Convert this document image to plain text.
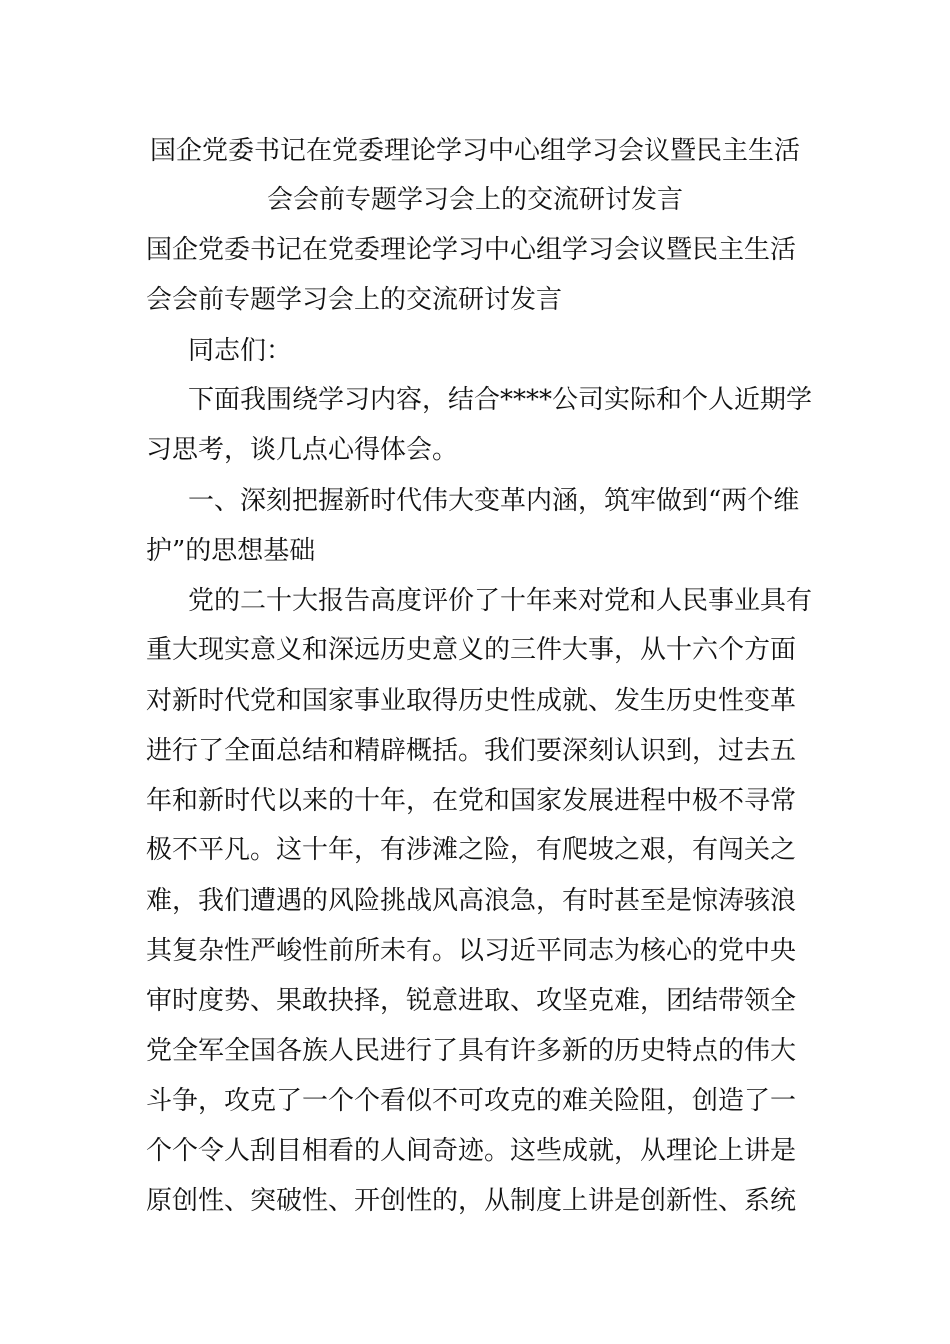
国企党委书记在党委理论学习中心组学习会议暨民主生活
会会前专题学习会上的交流研讨发言
国企党委书记在党委理论学习中心组学习会议暨民主生活
会会前专题学习会上的交流研讨发言
同志们：
下面我围绕学习内容，结合****公司实际和个人近期学
习思考，谈几点心得体会。
一、深刻把握新时代伟大变革内涵，筑牢做到“两个维
护”的思想基础
党的二十大报告高度评价了十年来对党和人民事业具有
重大现实意义和深远历史意义的三件大事，从十六个方面
对新时代党和国家事业取得历史性成就、发生历史性变革
进行了全面总结和精辟概括。我们要深刻认识到，过去五
年和新时代以来的十年，在党和国家发展进程中极不寻常
极不平凡。这十年，有涉滩之险，有爬坡之艰，有闯关之
难，我们遭遇的风险挑战风高浪急，有时甚至是惊涛骇浪
其复杂性严峻性前所未有。以习近平同志为核心的党中央
审时度势、果敢抉择，锐意进取、攻坚克难，团结带领全
党全军全国各族人民进行了具有许多新的历史特点的伟大
斗争，攻克了一个个看似不可攻克的难关险阻，创造了一
个个令人刮目相看的人间奇迹。这些成就，从理论上讲是
原创性、突破性、开创性的，从制度上讲是创新性、系统
